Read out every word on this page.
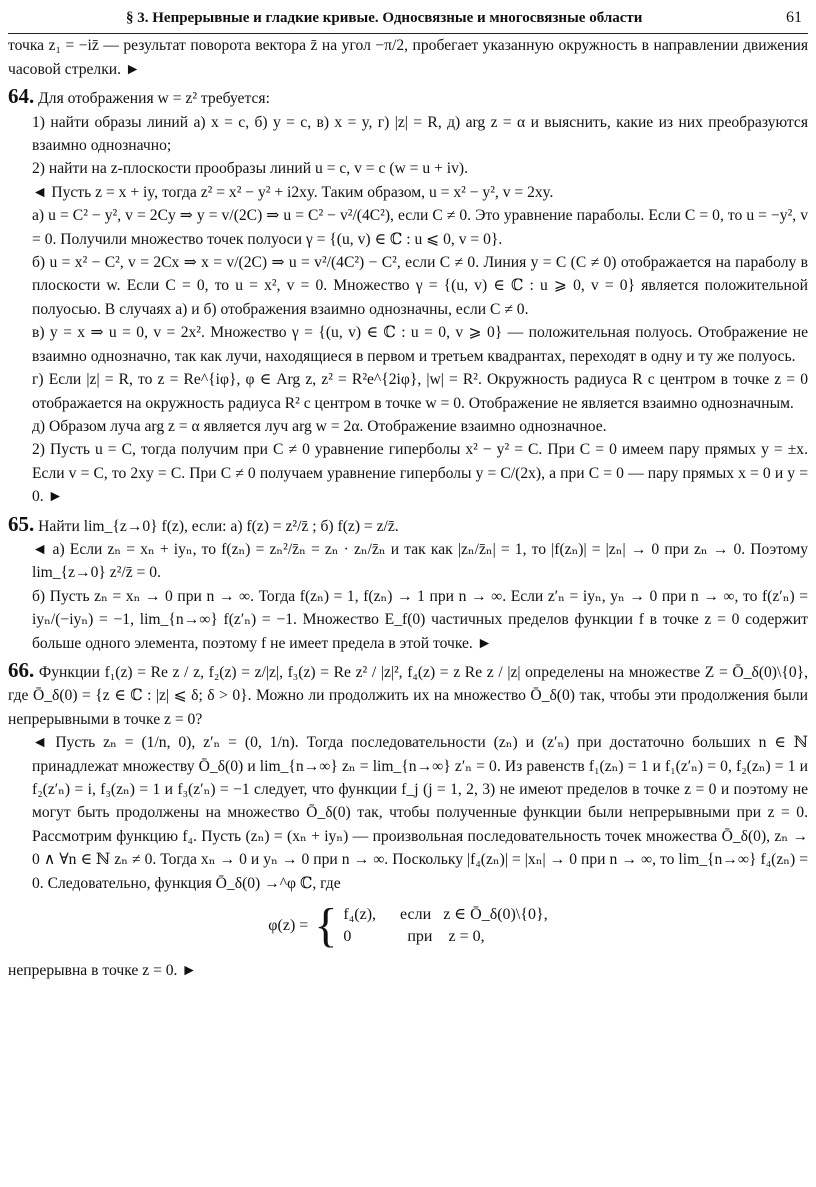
§ 3. Непрерывные и гладкие кривые. Односвязные и многосвязные области	61

точка z₁ = −iz̄ — результат поворота вектора z̄ на угол −π/2, пробегает указанную окружность в направлении движения часовой стрелки. ►

64. Для отображения w = z² требуется:

1) найти образы линий а) x = c, б) y = c, в) x = y, г) |z| = R, д) arg z = α и выяснить, какие из них преобразуются взаимно однозначно;

2) найти на z-плоскости прообразы линий u = c, v = c (w = u + iv).

◄ Пусть z = x + iy, тогда z² = x² − y² + i2xy. Таким образом, u = x² − y², v = 2xy.

а) u = C² − y², v = 2Cy ⇒ y = v/(2C) ⇒ u = C² − v²/(4C²), если C ≠ 0. Это уравнение параболы. Если C = 0, то u = −y², v = 0. Получили множество точек полуоси γ = {(u, v) ∈ ℂ : u ⩽ 0, v = 0}.

б) u = x² − C², v = 2Cx ⇒ x = v/(2C) ⇒ u = v²/(4C²) − C², если C ≠ 0. Линия y = C (C ≠ 0) отображается на параболу в плоскости w. Если C = 0, то u = x², v = 0. Множество γ = {(u, v) ∈ ℂ : u ⩾ 0, v = 0} является положительной полуосью. В случаях а) и б) отображения взаимно однозначны, если C ≠ 0.

в) y = x ⇒ u = 0, v = 2x². Множество γ = {(u, v) ∈ ℂ : u = 0, v ⩾ 0} — положительная полуось. Отображение не взаимно однозначно, так как лучи, находящиеся в первом и третьем квадрантах, переходят в одну и ту же полуось.

г) Если |z| = R, то z = Re^{iφ}, φ ∈ Arg z, z² = R²e^{2iφ}, |w| = R². Окружность радиуса R с центром в точке z = 0 отображается на окружность радиуса R² с центром в точке w = 0. Отображение не является взаимно однозначным.

д) Образом луча arg z = α является луч arg w = 2α. Отображение взаимно однозначное.

2) Пусть u = C, тогда получим при C ≠ 0 уравнение гиперболы x² − y² = C. При C = 0 имеем пару прямых y = ±x. Если v = C, то 2xy = C. При C ≠ 0 получаем уравнение гиперболы y = C/(2x), а при C = 0 — пару прямых x = 0 и y = 0. ►

65. Найти lim_{z→0} f(z), если: а) f(z) = z²/z̄ ; б) f(z) = z/z̄.

◄ а) Если zₙ = xₙ + iyₙ, то f(zₙ) = zₙ²/z̄ₙ = zₙ · zₙ/z̄ₙ и так как |zₙ/z̄ₙ| = 1, то |f(zₙ)| = |zₙ| → 0 при zₙ → 0. Поэтому lim_{z→0} z²/z̄ = 0.

б) Пусть zₙ = xₙ → 0 при n → ∞. Тогда f(zₙ) = 1, f(zₙ) → 1 при n → ∞. Если z′ₙ = iyₙ, yₙ → 0 при n → ∞, то f(z′ₙ) = iyₙ/(−iyₙ) = −1, lim_{n→∞} f(z′ₙ) = −1. Множество E_f(0) частичных пределов функции f в точке z = 0 содержит больше одного элемента, поэтому f не имеет предела в этой точке. ►

66. Функции f₁(z) = Re z / z, f₂(z) = z/|z|, f₃(z) = Re z² / |z|², f₄(z) = z Re z / |z| определены на множестве Z = Ō_δ(0)\{0}, где Ō_δ(0) = {z ∈ ℂ : |z| ⩽ δ; δ > 0}. Можно ли продолжить их на множество Ō_δ(0) так, чтобы эти продолжения были непрерывными в точке z = 0?

◄ Пусть zₙ = (1/n, 0), z′ₙ = (0, 1/n). Тогда последовательности (zₙ) и (z′ₙ) при достаточно больших n ∈ ℕ принадлежат множеству Ō_δ(0) и lim_{n→∞} zₙ = lim_{n→∞} z′ₙ = 0. Из равенств f₁(zₙ) = 1 и f₁(z′ₙ) = 0, f₂(zₙ) = 1 и f₂(z′ₙ) = i, f₃(zₙ) = 1 и f₃(z′ₙ) = −1 следует, что функции f_j (j = 1, 2, 3) не имеют пределов в точке z = 0 и поэтому не могут быть продолжены на множество Ō_δ(0) так, чтобы полученные функции были непрерывными при z = 0. Рассмотрим функцию f₄. Пусть (zₙ) = (xₙ + iyₙ) — произвольная последовательность точек множества Ō_δ(0), zₙ → 0 ∧ ∀n ∈ ℕ zₙ ≠ 0. Тогда xₙ → 0 и yₙ → 0 при n → ∞. Поскольку |f₄(zₙ)| = |xₙ| → 0 при n → ∞, то lim_{n→∞} f₄(zₙ) = 0. Следовательно, функция Ō_δ(0) →^φ ℂ, где

φ(z) = { f₄(z), если z ∈ Ō_δ(0)\{0},
0	при z = 0,

непрерывна в точке z = 0. ►
